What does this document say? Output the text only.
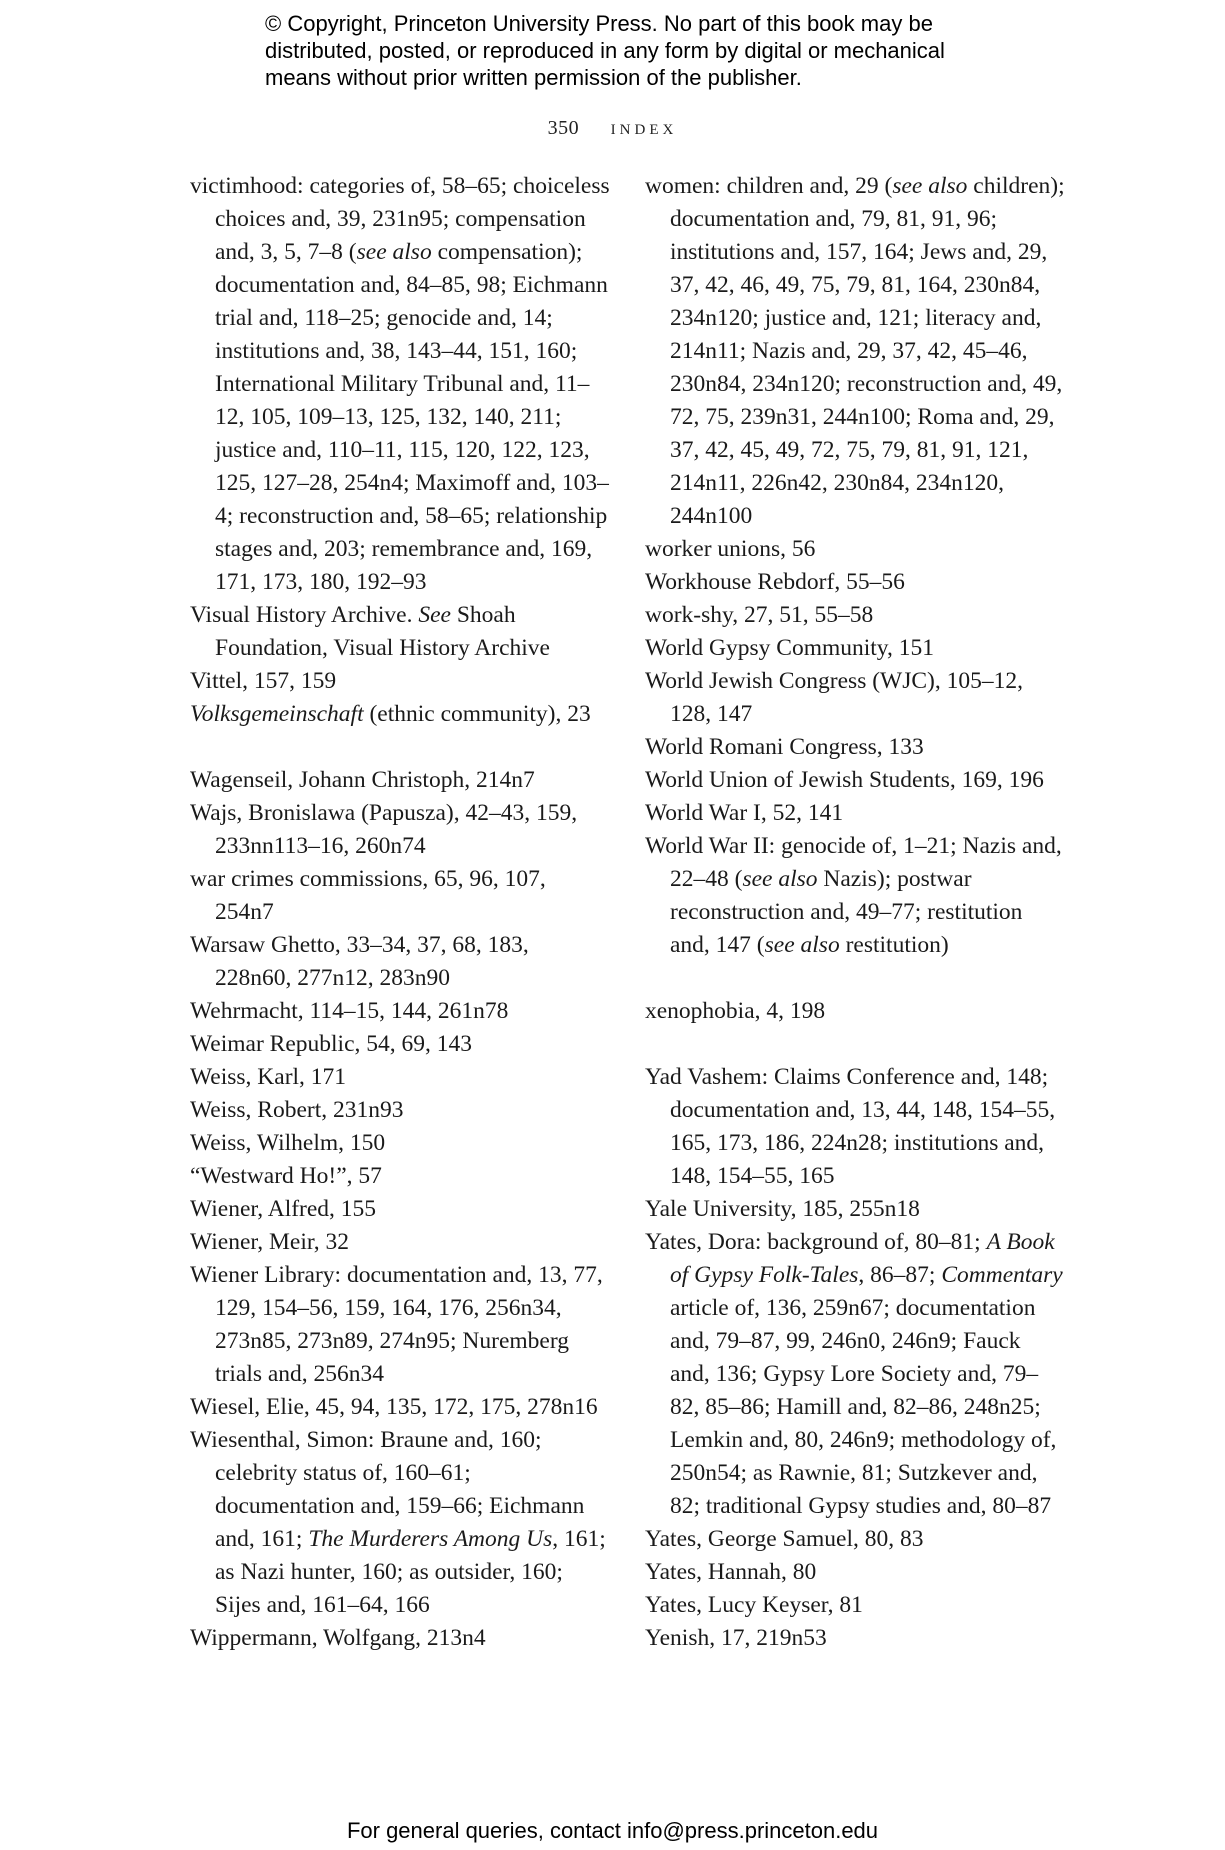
© Copyright, Princeton University Press. No part of this book may be
distributed, posted, or reproduced in any form by digital or mechanical
means without prior written permission of the publisher.
350 index

victimhood: categories of, 58–65; choiceless choices and, 39, 231n95; compensation and, 3, 5, 7–8 (see also compensation); documentation and, 84–85, 98; Eichmann trial and, 118–25; genocide and, 14; institutions and, 38, 143–44, 151, 160; International Military Tribunal and, 11–12, 105, 109–13, 125, 132, 140, 211; justice and, 110–11, 115, 120, 122, 123, 125, 127–28, 254n4; Maximoff and, 103–4; reconstruction and, 58–65; relationship stages and, 203; remembrance and, 169, 171, 173, 180, 192–93

Visual History Archive. See Shoah Foundation, Visual History Archive

Vittel, 157, 159

Volksgemeinschaft (ethnic community), 23

Wagenseil, Johann Christoph, 214n7

Wajs, Bronislawa (Papusza), 42–43, 159, 233nn113–16, 260n74

war crimes commissions, 65, 96, 107, 254n7

Warsaw Ghetto, 33–34, 37, 68, 183, 228n60, 277n12, 283n90

Wehrmacht, 114–15, 144, 261n78

Weimar Republic, 54, 69, 143

Weiss, Karl, 171

Weiss, Robert, 231n93

Weiss, Wilhelm, 150

“Westward Ho!”, 57

Wiener, Alfred, 155

Wiener, Meir, 32

Wiener Library: documentation and, 13, 77, 129, 154–56, 159, 164, 176, 256n34, 273n85, 273n89, 274n95; Nuremberg trials and, 256n34

Wiesel, Elie, 45, 94, 135, 172, 175, 278n16

Wiesenthal, Simon: Braune and, 160; celebrity status of, 160–61; documentation and, 159–66; Eichmann and, 161; The Murderers Among Us, 161; as Nazi hunter, 160; as outsider, 160; Sijes and, 161–64, 166

Wippermann, Wolfgang, 213n4

women: children and, 29 (see also children); documentation and, 79, 81, 91, 96; institutions and, 157, 164; Jews and, 29, 37, 42, 46, 49, 75, 79, 81, 164, 230n84, 234n120; justice and, 121; literacy and, 214n11; Nazis and, 29, 37, 42, 45–46, 230n84, 234n120; reconstruction and, 49, 72, 75, 239n31, 244n100; Roma and, 29, 37, 42, 45, 49, 72, 75, 79, 81, 91, 121, 214n11, 226n42, 230n84, 234n120, 244n100

worker unions, 56

Workhouse Rebdorf, 55–56

work-shy, 27, 51, 55–58

World Gypsy Community, 151

World Jewish Congress (WJC), 105–12, 128, 147

World Romani Congress, 133

World Union of Jewish Students, 169, 196

World War I, 52, 141

World War II: genocide of, 1–21; Nazis and, 22–48 (see also Nazis); postwar reconstruction and, 49–77; restitution and, 147 (see also restitution)

xenophobia, 4, 198

Yad Vashem: Claims Conference and, 148; documentation and, 13, 44, 148, 154–55, 165, 173, 186, 224n28; institutions and, 148, 154–55, 165

Yale University, 185, 255n18

Yates, Dora: background of, 80–81; A Book of Gypsy Folk-Tales, 86–87; Commentary article of, 136, 259n67; documentation and, 79–87, 99, 246n0, 246n9; Fauck and, 136; Gypsy Lore Society and, 79–82, 85–86; Hamill and, 82–86, 248n25; Lemkin and, 80, 246n9; methodology of, 250n54; as Rawnie, 81; Sutzkever and, 82; traditional Gypsy studies and, 80–87

Yates, George Samuel, 80, 83

Yates, Hannah, 80

Yates, Lucy Keyser, 81

Yenish, 17, 219n53

For general queries, contact info@press.princeton.edu
